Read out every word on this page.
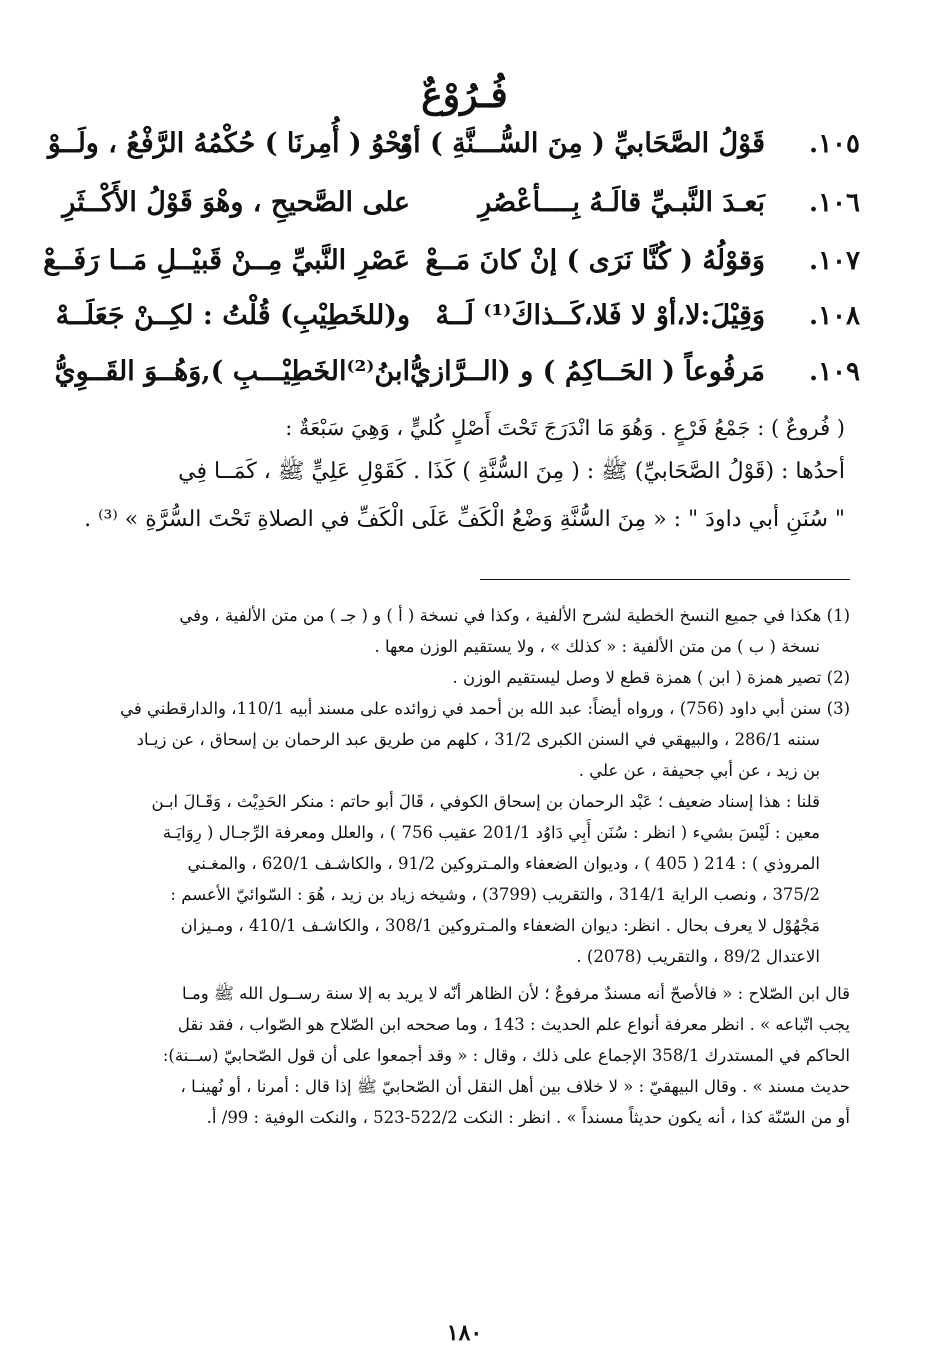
فُـرُوْعٌ
١٠٥.
قَوْلُ الصَّحَابيِّ ( مِنَ السُّـــنَّةِ ) أوْ
نَحْوُ ( أُمِرنَا ) حُكْمُهُ الرَّفْعُ ، ولَــوْ
١٠٦.
بَعـدَ النَّبـيِّ قالَـهُ بِــــأعْصُرِ
على الصَّحيحِ ، وهْوَ قَوْلُ الأَكْــثَرِ
١٠٧.
وَقوْلُهُ ( كُنَّا نَرَى ) إنْ كانَ مَــعْ
عَصْرِ النَّبيِّ مِــنْ قَبيْــلِ مَــا رَفَــعْ
١٠٨.
وَقِيْلَ:لا،أوْ لا فَلا،كَــذاكَ⁽¹⁾ لَــهْ
و(للخَطِيْبِ) قُلْتُ : لكِــنْ جَعَلَــهْ
١٠٩.
مَرفُوعاً ( الحَــاكِمُ ) و (الــرَّازيُّ
ابنُ⁽²⁾الخَطِيْـــبِ ),وَهُــوَ القَــوِيُّ

( فُروعٌ ) : جَمْعُ فَرْعٍ . وَهُوَ مَا انْدَرَجَ تَحْتَ أَصْلٍ كُليٍّ ، وَهِيَ سَبْعَةٌ :

أحدُها : (قَوْلُ الصَّحَابيِّ) ﷺ : ( مِنَ السُّنَّةِ ) كَذَا . كَقَوْلِ عَلِيٍّ ﷺ ، كَمَــا فِي

" سُنَنِ أبي داودَ " : « مِنَ السُّنَّةِ وَضْعُ الْكَفِّ عَلَى الْكَفِّ في الصلاةِ تَحْتَ السُّرَّةِ » ⁽³⁾ .

(1) هكذا في جميع النسخ الخطية لشرح الألفية ، وكذا في نسخة ( أ ) و ( جـ ) من متن الألفية ، وفي

نسخة ( ب ) من متن الألفية : « كذلك » ، ولا يستقيم الوزن معها .

(2) تصير همزة ( ابن ) همزة قطع لا وصل ليستقيم الوزن .

(3) سنن أبي داود (756) ، ورواه أيضاً: عبد الله بن أحمد في زوائده على مسند أبيه 110/1، والدارقطني في

سننه 286/1 ، والبيهقي في السنن الكبرى 31/2 ، كلهم من طريق عبد الرحمان بن إسحاق ، عن زيـاد

بن زيد ، عن أبي جحيفة ، عن علي .

قلنا : هذا إسناد ضعيف ؛ عَبْد الرحمان بن إسحاق الكوفي ، قَالَ أبو حاتم : منكر الحَدِيْث ، وَقَـالَ ابـن

معين : لَيْسَ بشيء ( انظر : سُنَن أَبِي دَاوُد 201/1 عقيب 756 ) ، والعلل ومعرفة الرِّجـال ( رِوَايَـة

المروذي ) : 214 ( 405 ) ، وديوان الضعفاء والمـتروكين 91/2 ، والكاشـف 620/1 ، والمغـني

375/2 ، ونصب الراية 314/1 ، والتقريب (3799) ، وشيخه زياد بن زيد ، هُوَ : السّوائيّ الأعسم :

مَجْهُوْل لا يعرف بحال . انظر: ديوان الضعفاء والمـتروكين 308/1 ، والكاشـف 410/1 ، ومـيزان

الاعتدال 89/2 ، والتقريب (2078) .

قال ابن الصّلاح : « فالأصحّ أنه مسندٌ مرفوعٌ ؛ لأن الظاهر أنّه لا يريد به إلا سنة رســول الله ﷺ ومـا

يجب اتّباعه » . انظر معرفة أنواع علم الحديث : 143 ، وما صححه ابن الصّلاح هو الصّواب ، فقد نقل

الحاكم في المستدرك 358/1 الإجماع على ذلك ، وقال : « وقد أجمعوا على أن قول الصّحابيّ (ســنة):

حديث مسند » . وقال البيهقيّ : « لا خلاف بين أهل النقل أن الصّحابيّ ﷺ إذا قال : أمرنا ، أو نُهينـا ،

أو من السّنّة كذا ، أنه يكون حديثاً مسنداً » . انظر : النكت 522/2-523 ، والنكت الوفية : 99/ أ.

١٨٠
